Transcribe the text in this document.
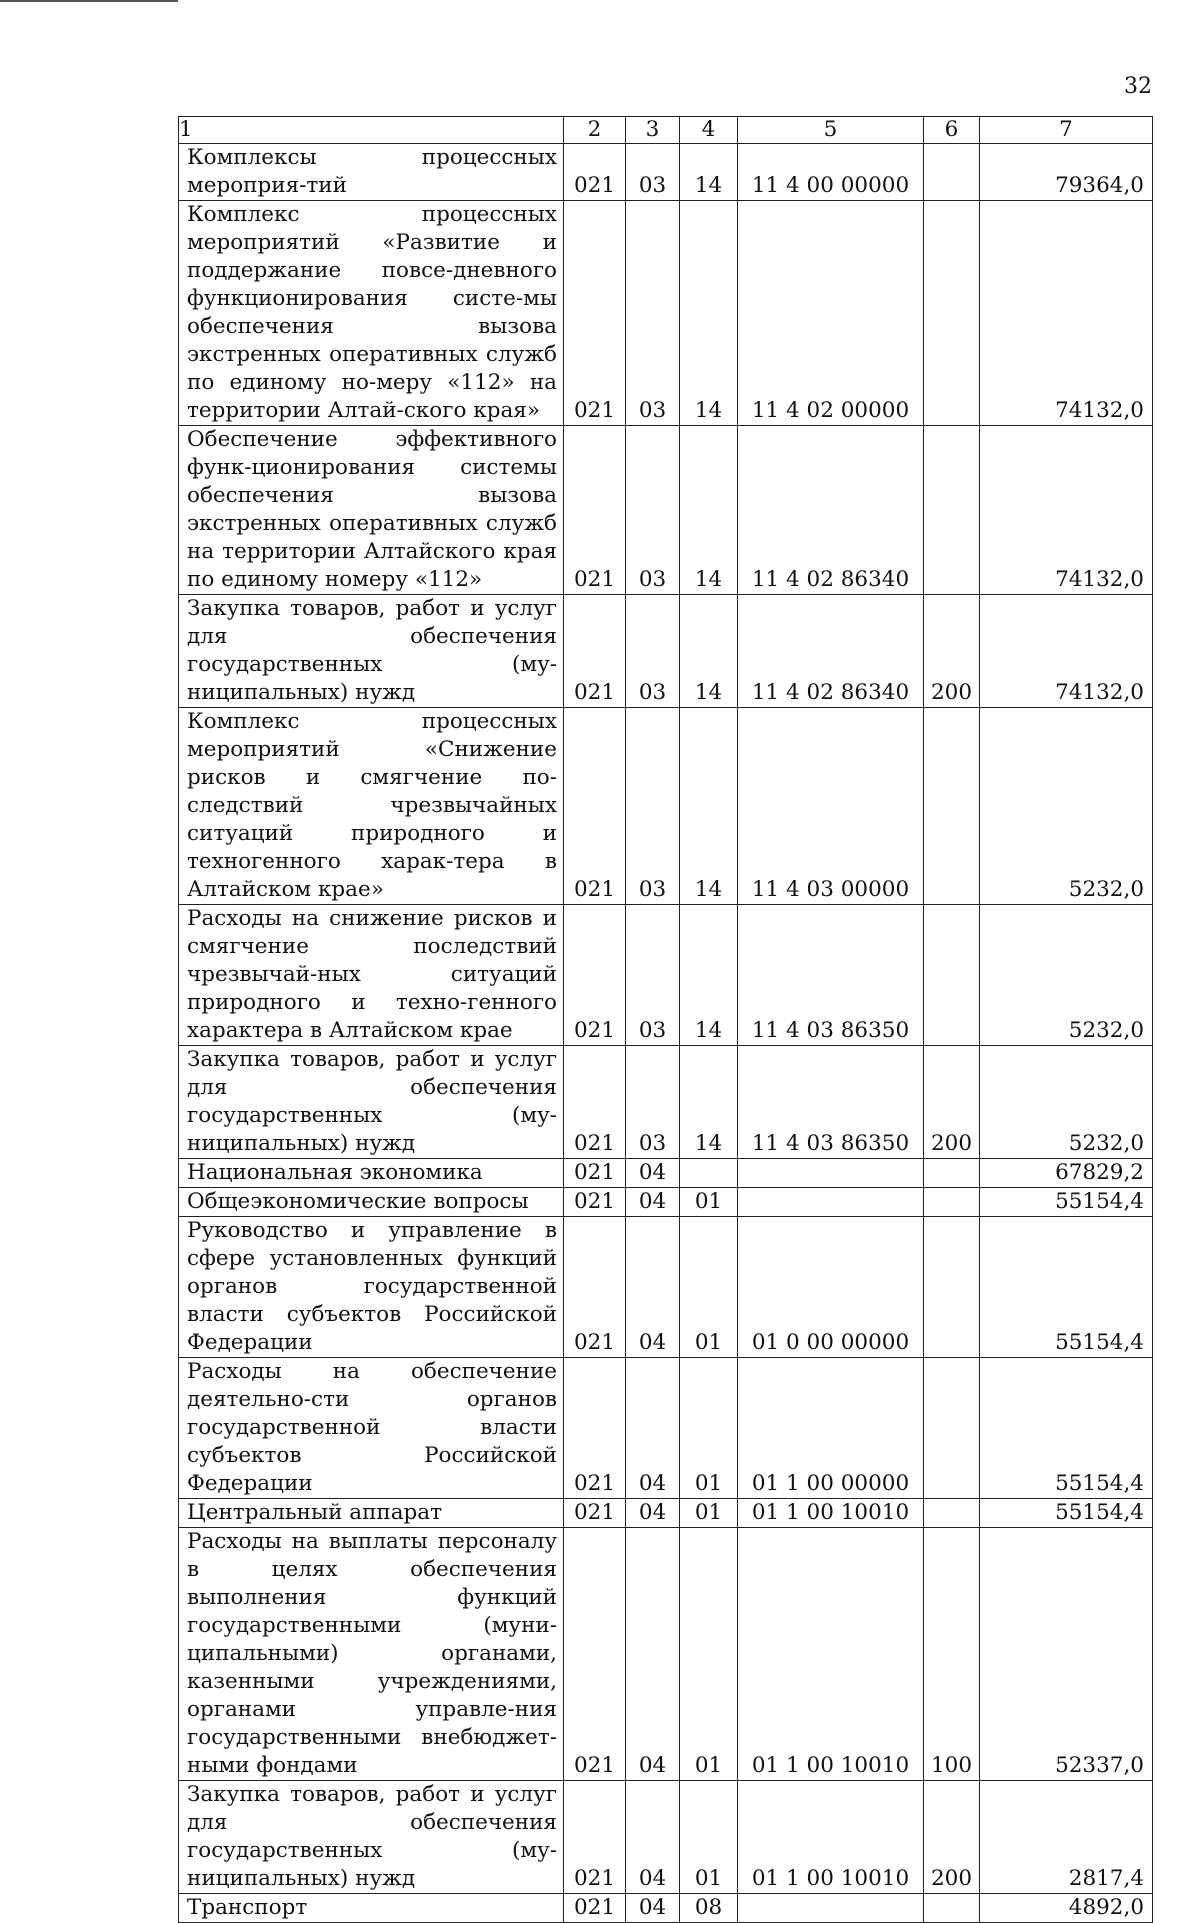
32
1	2	3	4	5	6	7
Комплексы процессных мероприя-тий	021	03	14	11 4 00 00000		79364,0
Комплекс процессных мероприятий «Развитие и поддержание повсе-дневного функционирования систе-мы обеспечения вызова экстренных оперативных служб по единому но-меру «112» на территории Алтай-ского края»	021	03	14	11 4 02 00000		74132,0
Обеспечение эффективного функ-ционирования системы обеспечения вызова экстренных оперативных служб на территории Алтайского края по единому номеру «112»	021	03	14	11 4 02 86340		74132,0
Закупка товаров, работ и услуг для обеспечения государственных (му-ниципальных) нужд	021	03	14	11 4 02 86340	200	74132,0
Комплекс процессных мероприятий «Снижение рисков и смягчение по-следствий чрезвычайных ситуаций природного и техногенного харак-тера в Алтайском крае»	021	03	14	11 4 03 00000		5232,0
Расходы на снижение рисков и смягчение последствий чрезвычай-ных ситуаций природного и техно-генного характера в Алтайском крае	021	03	14	11 4 03 86350		5232,0
Закупка товаров, работ и услуг для обеспечения государственных (му-ниципальных) нужд	021	03	14	11 4 03 86350	200	5232,0
Национальная экономика	021	04				67829,2
Общеэкономические вопросы	021	04	01			55154,4
Руководство и управление в сфере установленных функций органов государственной власти субъектов Российской Федерации	021	04	01	01 0 00 00000		55154,4
Расходы на обеспечение деятельно-сти органов государственной власти субъектов Российской Федерации	021	04	01	01 1 00 00000		55154,4
Центральный аппарат	021	04	01	01 1 00 10010		55154,4
Расходы на выплаты персоналу в целях обеспечения выполнения функций государственными (муни-ципальными) органами, казенными учреждениями, органами управле-ния государственными внебюджет-ными фондами	021	04	01	01 1 00 10010	100	52337,0
Закупка товаров, работ и услуг для обеспечения государственных (му-ниципальных) нужд	021	04	01	01 1 00 10010	200	2817,4
Транспорт	021	04	08			4892,0
